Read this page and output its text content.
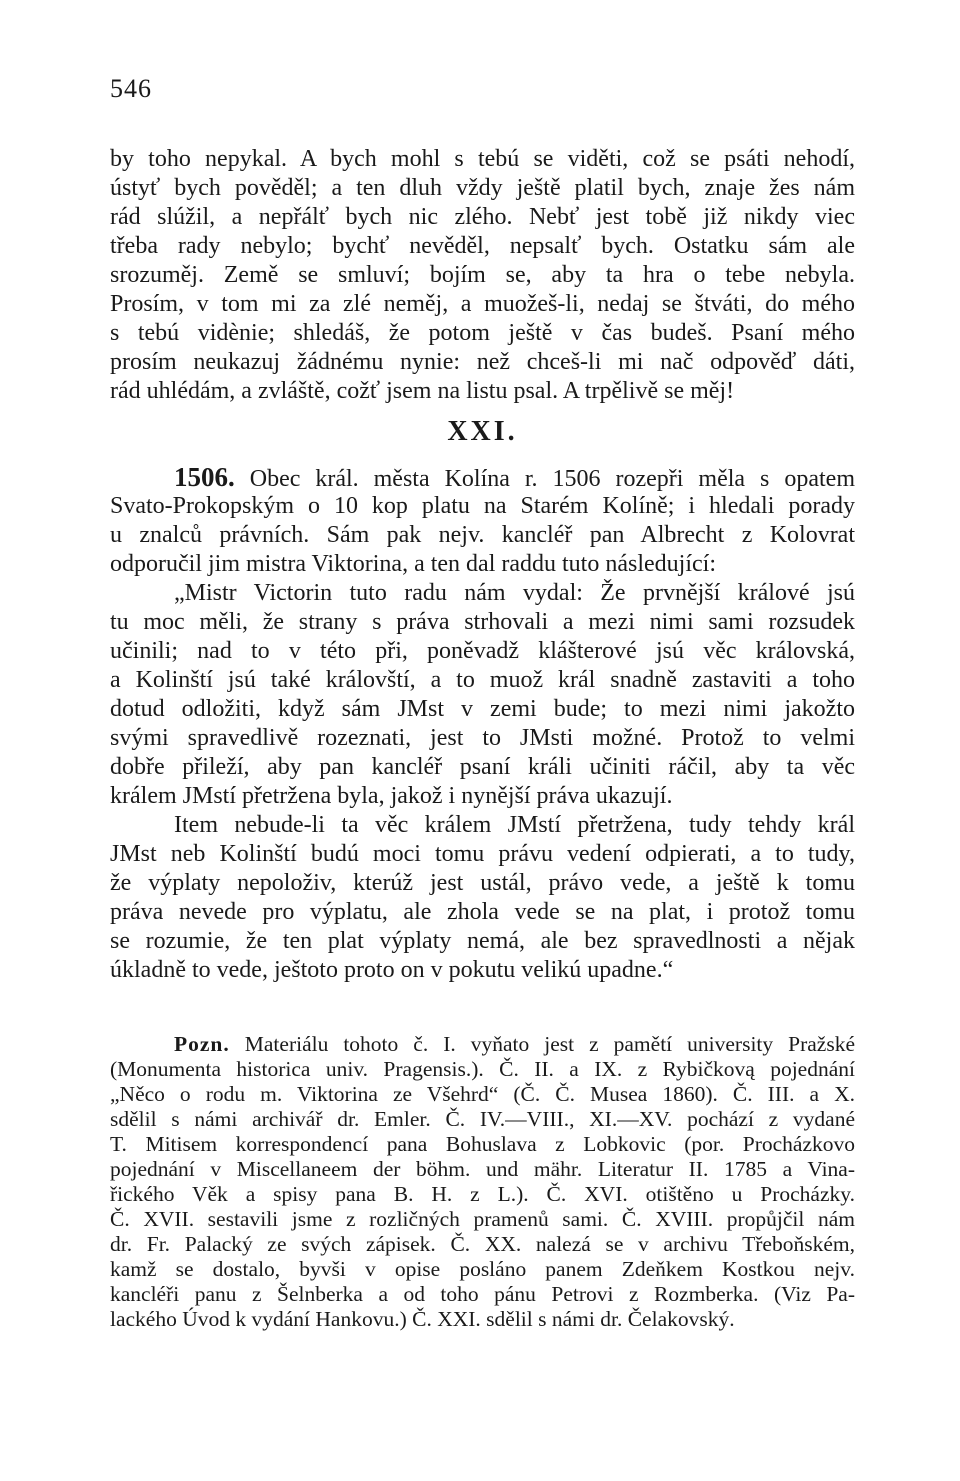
546
by toho nepykal. A bych mohl s tebú se viděti, což se psáti nehodí,
ústyť bych pověděl; a ten dluh vždy ještě platil bych, znaje žes nám
rád slúžil, a nepřálť bych nic zlého. Nebť jest tobě již nikdy viec
třeba rady nebylo; bychť nevěděl, nepsalť bych. Ostatku sám ale
srozuměj. Země se smluví; bojím se, aby ta hra o tebe nebyla.
Prosím, v tom mi za zlé neměj, a muožeš-li, nedaj se štváti, do mého
s tebú vidènie; shledáš, že potom ještě v čas budeš. Psaní mého
prosím neukazuj žádnému nynie: než chceš-li mi nač odpověď dáti,
rád uhlédám, a zvláště, cožť jsem na listu psal. A trpělivě se měj!
XXI.
1506. Obec král. města Kolína r. 1506 rozepři měla s opatem
Svato-Prokopským o 10 kop platu na Starém Kolíně; i hledali porady
u znalců právních. Sám pak nejv. kancléř pan Albrecht z Kolovrat
odporučil jim mistra Viktorina, a ten dal raddu tuto následující:
„Mistr Victorin tuto radu nám vydal: Že prvnější králové jsú
tu moc měli, že strany s práva strhovali a mezi nimi sami rozsudek
učinili; nad to v této při, poněvadž klášterové jsú věc královská,
a Kolinští jsú také královští, a to muož král snadně zastaviti a toho
dotud odložiti, když sám JMst v zemi bude; to mezi nimi jakožto
svými spravedlivě rozeznati, jest to JMsti možné. Protož to velmi
dobře přileží, aby pan kancléř psaní králi učiniti ráčil, aby ta věc
králem JMstí přetržena byla, jakož i nynější práva ukazují.
Item nebude-li ta věc králem JMstí přetržena, tudy tehdy král
JMst neb Kolinští budú moci tomu právu vedení odpierati, a to tudy,
že výplaty nepoloživ, kterúž jest ustál, právo vede, a ještě k tomu
práva nevede pro výplatu, ale zhola vede se na plat, i protož tomu
se rozumie, že ten plat výplaty nemá, ale bez spravedlnosti a nějak
úkladně to vede, ještoto proto on v pokutu velikú upadne.“
Pozn. Materiálu tohoto č. I. vyňato jest z pamětí university Pražské
(Monumenta historica univ. Pragensis.). Č. II. a IX. z Rybičkovą pojednání
„Něco o rodu m. Viktorina ze Všehrd“ (Č. Č. Musea 1860). Č. III. a X.
sdělil s námi archivář dr. Emler. Č. IV.—VIII., XI.—XV. pochází z vydané
T. Mitisem korrespondencí pana Bohuslava z Lobkovic (por. Procházkovo
pojednání v Miscellaneem der böhm. und mähr. Literatur II. 1785 a Vina-
řického Věk a spisy pana B. H. z L.). Č. XVI. otištěno u Procházky.
Č. XVII. sestavili jsme z rozličných pramenů sami. Č. XVIII. propůjčil nám
dr. Fr. Palacký ze svých zápisek. Č. XX. nalezá se v archivu Třeboňském,
kamž se dostalo, byvši v opise posláno panem Zdeňkem Kostkou nejv.
kancléři panu z Šelnberka a od toho pánu Petrovi z Rozmberka. (Viz Pa-
lackého Úvod k vydání Hankovu.) Č. XXI. sdělil s námi dr. Čelakovský.
